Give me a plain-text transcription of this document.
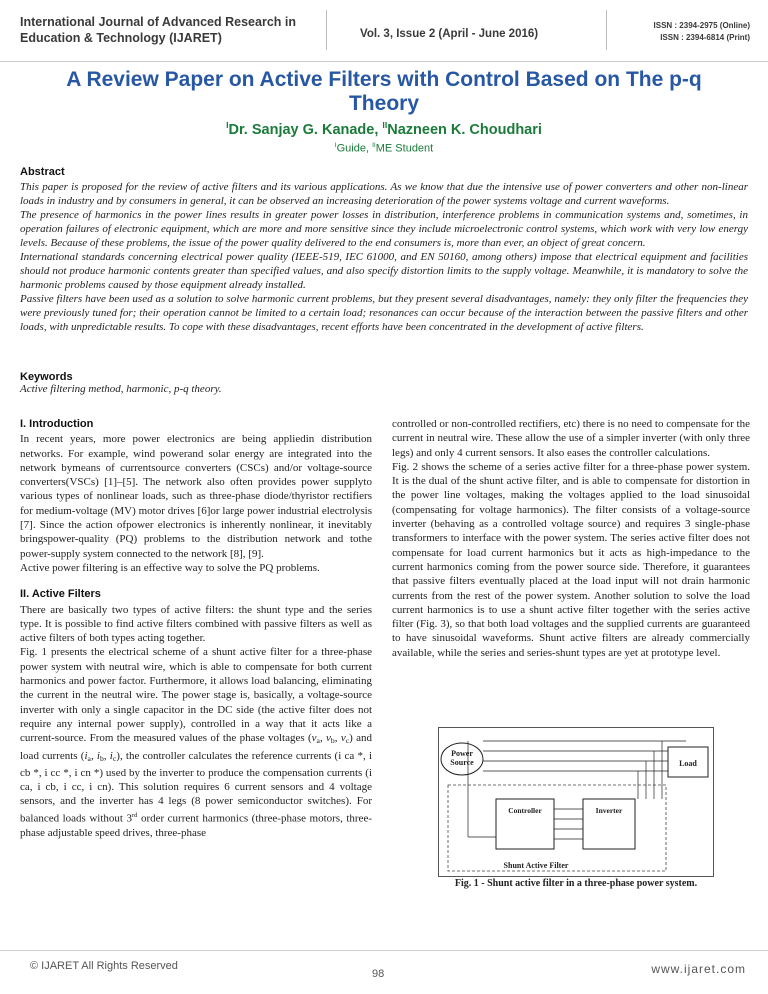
International Journal of Advanced Research in Education & Technology (IJARET)	Vol. 3, Issue 2 (April - June 2016)
ISSN : 2394-2975 (Online)
ISSN : 2394-6814 (Print)
A Review Paper on Active Filters with Control Based on The p-q Theory
$^I$Dr. Sanjay G. Kanade, $^{II}$Nazneen K. Choudhari
$^I$Guide, $^{II}$ME Student
Abstract

This paper is proposed for the review of active filters and its various applications. As we know that due the intensive use of power converters and other non-linear loads in industry and by consumers in general, it can be observed an increasing deterioration of the power systems voltage and current waveforms.

The presence of harmonics in the power lines results in greater power losses in distribution, interference problems in communication systems and, sometimes, in operation failures of electronic equipment, which are more and more sensitive since they include microelectronic control systems, which work with very low energy levels. Because of these problems, the issue of the power quality delivered to the end consumers is, more than ever, an object of great concern.

International standards concerning electrical power quality (IEEE-519, IEC 61000, and EN 50160, among others) impose that electrical equipment and facilities should not produce harmonic contents greater than specified values, and also specify distortion limits to the supply voltage. Meanwhile, it is mandatory to solve the harmonic problems caused by those equipment already installed.

Passive filters have been used as a solution to solve harmonic current problems, but they present several disadvantages, namely: they only filter the frequencies they were previously tuned for; their operation cannot be limited to a certain load; resonances can occur because of the interaction between the passive filters and other loads, with unpredictable results. To cope with these disadvantages, recent efforts have been concentrated in the development of active filters.

Keywords
Active filtering method, harmonic, p-q theory.
I. Introduction

In recent years, more power electronics are being appliedin distribution networks. For example, wind powerand solar energy are integrated into the network bymeans of currentsource converters (CSCs) and/or voltage-source converters(VSCs) [1]–[5]. The network also often provides power supplyto various types of nonlinear loads, such as three-phase diode/thyristor rectifiers for medium-voltage (MV) motor drives [6]or large power industrial electrolysis [7]. Since the action ofpower electronics is inherently nonlinear, it inevitably bringspower-quality (PQ) problems to the distribution network and tothe power-supply system connected to the network [8], [9].

Active power filtering is an effective way to solve the PQ problems.

II. Active Filters

There are basically two types of active filters: the shunt type and the series type. It is possible to find active filters combined with passive filters as well as active filters of both types acting together.

Fig. 1 presents the electrical scheme of a shunt active filter for a three-phase power system with neutral wire, which is able to compensate for both current harmonics and power factor. Furthermore, it allows load balancing, eliminating the current in the neutral wire. The power stage is, basically, a voltage-source inverter with only a single capacitor in the DC side (the active filter does not require any internal power supply), controlled in a way that it acts like a current-source. From the measured values of the phase voltages ($v_a$, $v_b$, $v_c$) and load currents ($i_a$, $i_b$, $i_c$), the controller calculates the reference currents (i ca *, i cb *, i cc *, i cn *) used by the inverter to produce the compensation currents (i ca, i cb, i cc, i cn). This solution requires 6 current sensors and 4 voltage sensors, and the inverter has 4 legs (8 power semiconductor switches). For balanced loads without 3rd order current harmonics (three-phase motors, three-phase adjustable speed drives, three-phase

controlled or non-controlled rectifiers, etc) there is no need to compensate for the current in neutral wire. These allow the use of a simpler inverter (with only three legs) and only 4 current sensors. It also eases the controller calculations.

Fig. 2 shows the scheme of a series active filter for a three-phase power system. It is the dual of the shunt active filter, and is able to compensate for distortion in the power line voltages, making the voltages applied to the load sinusoidal (compensating for voltage harmonics). The filter consists of a voltage-source inverter (behaving as a controlled voltage source) and requires 3 single-phase transformers to interface with the power system. The series active filter does not compensate for load current harmonics but it acts as high-impedance to the current harmonics coming from the power source side. Therefore, it guarantees that passive filters eventually placed at the load input will not drain harmonic currents from the rest of the power system. Another solution to solve the load current harmonics is to use a shunt active filter together with the series active filter (Fig. 3), so that both load voltages and the supplied currents are guaranteed to have sinusoidal waveforms. Shunt active filters are already commercially available, while the series and series-shunt types are yet at prototype level.

Power
Source	Load
Controller	Inverter
Shunt Active Filter
Fig. 1 - Shunt active filter in a three-phase power system.
© IJARET All Rights Reserved
98	www.ijaret.com
